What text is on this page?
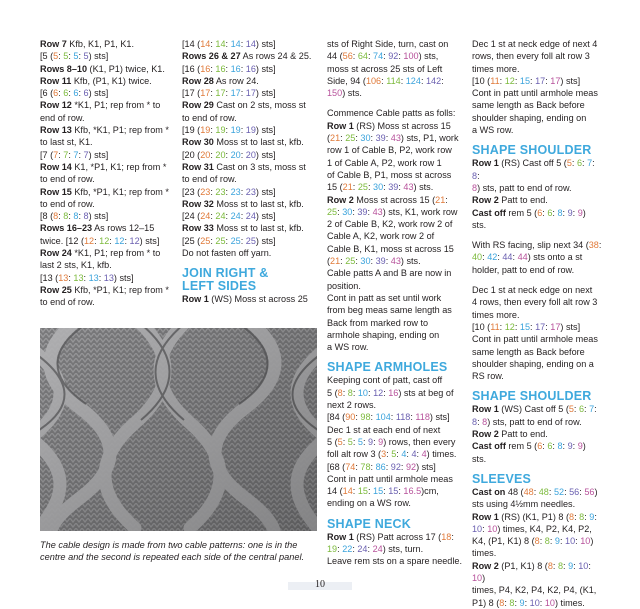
Row 7 Kfb, K1, P1, K1.
[5 (5: 5: 5: 5) sts]
Rows 8–10 (K1, P1) twice, K1.
Row 11 Kfb, (P1, K1) twice.
[6 (6: 6: 6: 6) sts]
Row 12 *K1, P1; rep from * to
end of row.
Row 13 Kfb, *K1, P1; rep from *
to last st, K1.
[7 (7: 7: 7: 7) sts]
Row 14 K1, *P1, K1; rep from *
to end of row.
Row 15 Kfb, *P1, K1; rep from *
to end of row.
[8 (8: 8: 8: 8) sts]
Rows 16–23 As rows 12–15
twice. [12 (12: 12: 12: 12) sts]
Row 24 *K1, P1; rep from * to
last 2 sts, K1, kfb.
[13 (13: 13: 13: 13) sts]
Row 25 Kfb, *P1, K1; rep from *
to end of row.
[14 (14: 14: 14: 14) sts]
Rows 26 & 27 As rows 24 & 25.
[16 (16: 16: 16: 16) sts]
Row 28 As row 24.
[17 (17: 17: 17: 17) sts]
Row 29 Cast on 2 sts, moss st
to end of row.
[19 (19: 19: 19: 19) sts]
Row 30 Moss st to last st, kfb.
[20 (20: 20: 20: 20) sts]
Row 31 Cast on 3 sts, moss st
to end of row.
[23 (23: 23: 23: 23) sts]
Row 32 Moss st to last st, kfb.
[24 (24: 24: 24: 24) sts]
Row 33 Moss st to last st, kfb.
[25 (25: 25: 25: 25) sts]
Do not fasten off yarn.
JOIN RIGHT &
LEFT SIDES
Row 1 (WS) Moss st across 25
sts of Right Side, turn, cast on
44 (56: 64: 74: 92: 100) sts,
moss st across 25 sts of Left
Side, 94 (106: 114: 124: 142:
150) sts.
Commence Cable patts as folls:
Row 1 (RS) Moss st across 15
(21: 25: 30: 39: 43) sts, P1, work
row 1 of Cable B, P2, work row
1 of Cable A, P2, work row 1
of Cable B, P1, moss st across
15 (21: 25: 30: 39: 43) sts.
Row 2 Moss st across 15 (21:
25: 30: 39: 43) sts, K1, work row
2 of Cable B, K2, work row 2 of
Cable A, K2, work row 2 of
Cable B, K1, moss st across 15
(21: 25: 30: 39: 43) sts.
Cable patts A and B are now in
position.
Cont in patt as set until work
from beg meas same length as
Back from marked row to
armhole shaping, ending on
a WS row.
SHAPE ARMHOLES
Keeping cont of patt, cast off
5 (8: 8: 10: 12: 16) sts at beg of
next 2 rows.
[84 (90: 98: 104: 118: 118) sts]
Dec 1 st at each end of next
5 (5: 5: 5: 9: 9) rows, then every
foll alt row 3 (3: 5: 4: 4: 4) times.
[68 (74: 78: 86: 92: 92) sts]
Cont in patt until armhole meas
14 (14: 15: 15: 15: 16.5)cm,
ending on a WS row.
SHAPE NECK
Row 1 (RS) Patt across 17 (18:
19: 22: 24: 24) sts, turn.
Leave rem sts on a spare needle.
Dec 1 st at neck edge of next 4
rows, then every foll alt row 3
times more.
[10 (11: 12: 15: 17: 17) sts]
Cont in patt until armhole meas
same length as Back before
shoulder shaping, ending on
a WS row.
SHAPE SHOULDER
Row 1 (RS) Cast off 5 (5: 6: 7: 8:
8) sts, patt to end of row.
Row 2 Patt to end.
Cast off rem 5 (6: 6: 8: 9: 9) sts.
With RS facing, slip next 34 (38:
40: 42: 44: 44) sts onto a st
holder, patt to end of row.
Dec 1 st at neck edge on next
4 rows, then every foll alt row 3
times more.
[10 (11: 12: 15: 17: 17) sts]
Cont in patt until armhole meas
same length as Back before
shoulder shaping, ending on a
RS row.
SHAPE SHOULDER
Row 1 (WS) Cast off 5 (5: 6: 7:
8: 8) sts, patt to end of row.
Row 2 Patt to end.
Cast off rem 5 (6: 6: 8: 9: 9) sts.
SLEEVES
Cast on 48 (48: 48: 52: 56: 56)
sts using 4½mm needles.
Row 1 (RS) (K1, P1) 8 (8: 8: 9:
10: 10) times, K4, P2, K4, P2,
K4, (P1, K1) 8 (8: 8: 9: 10: 10)
times.
Row 2 (P1, K1) 8 (8: 8: 9: 10: 10)
times, P4, K2, P4, K2, P4, (K1,
P1) 8 (8: 8: 9: 10: 10) times.
The cable design is made from two cable patterns: one is in the
centre and the second is repeated each side of the central panel.
10
